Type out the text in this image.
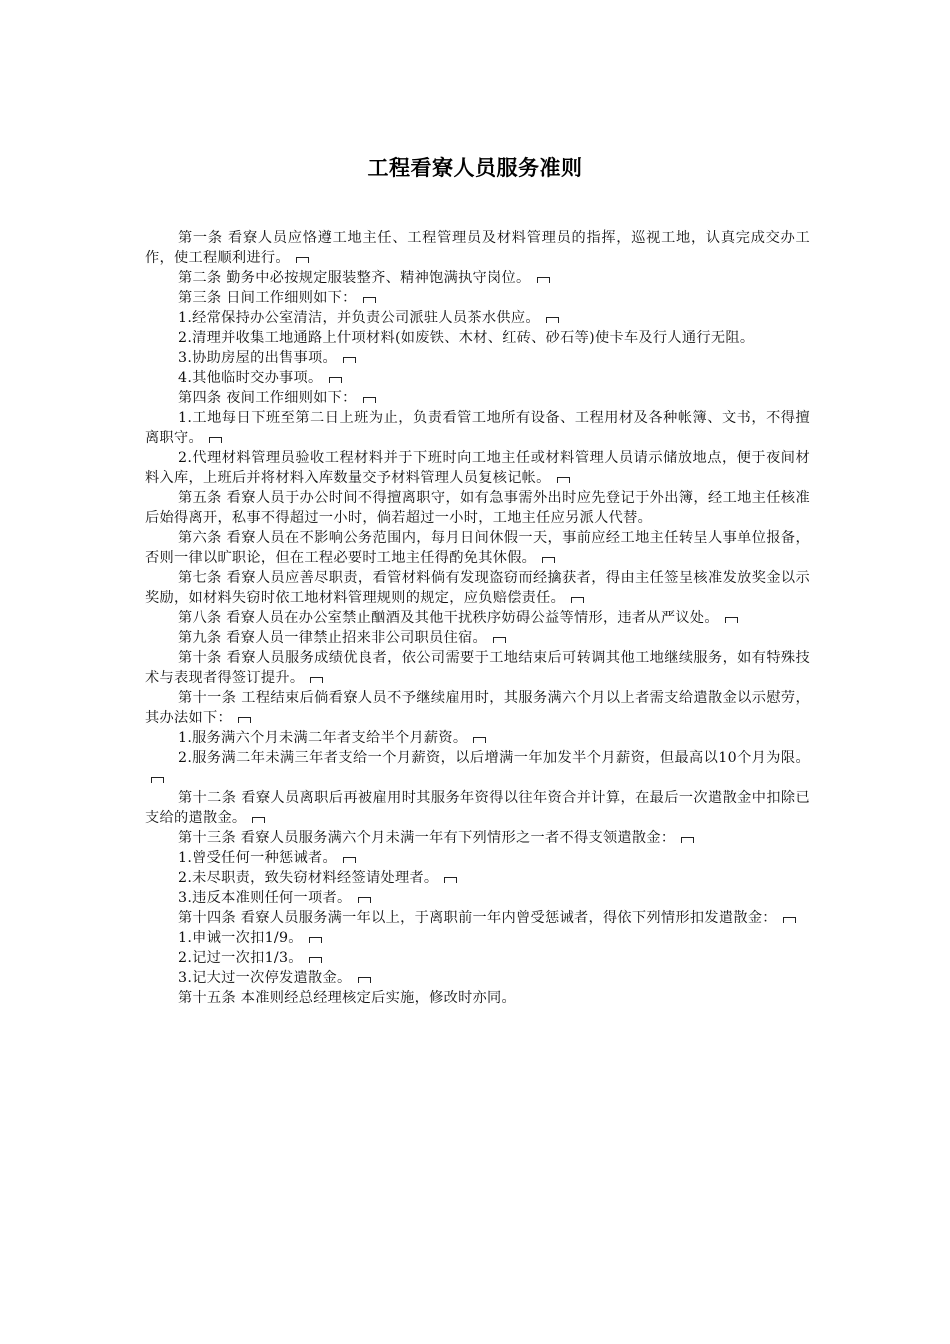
工程看寮人员服务准则

第一条 看寮人员应恪遵工地主任、工程管理员及材料管理员的指挥，巡视工地，认真完成交办工作，使工程顺利进行。

第二条 勤务中必按规定服装整齐、精神饱满执守岗位。

第三条 日间工作细则如下：

1.经常保持办公室清洁，并负责公司派驻人员茶水供应。

2.清理并收集工地通路上什项材料(如废铁、木材、红砖、砂石等)使卡车及行人通行无阻。

3.协助房屋的出售事项。

4.其他临时交办事项。

第四条 夜间工作细则如下：

1.工地每日下班至第二日上班为止，负责看管工地所有设备、工程用材及各种帐簿、文书，不得擅离职守。

2.代理材料管理员验收工程材料并于下班时向工地主任或材料管理人员请示储放地点，便于夜间材料入库，上班后并将材料入库数量交予材料管理人员复核记帐。

第五条 看寮人员于办公时间不得擅离职守，如有急事需外出时应先登记于外出簿，经工地主任核准后始得离开，私事不得超过一小时，倘若超过一小时，工地主任应另派人代替。

第六条 看寮人员在不影响公务范围内，每月日间休假一天，事前应经工地主任转呈人事单位报备，否则一律以旷职论，但在工程必要时工地主任得酌免其休假。

第七条 看寮人员应善尽职责，看管材料倘有发现盗窃而经擒获者，得由主任签呈核准发放奖金以示奖励，如材料失窃时依工地材料管理规则的规定，应负赔偿责任。

第八条 看寮人员在办公室禁止酗酒及其他干扰秩序妨碍公益等情形，违者从严议处。

第九条 看寮人员一律禁止招来非公司职员住宿。

第十条 看寮人员服务成绩优良者，依公司需要于工地结束后可转调其他工地继续服务，如有特殊技术与表现者得签订提升。

第十一条 工程结束后倘看寮人员不予继续雇用时，其服务满六个月以上者需支给遣散金以示慰劳，其办法如下：

1.服务满六个月未满二年者支给半个月薪资。

2.服务满二年未满三年者支给一个月薪资，以后增满一年加发半个月薪资，但最高以10个月为限。

第十二条 看寮人员离职后再被雇用时其服务年资得以往年资合并计算，在最后一次遣散金中扣除已支给的遣散金。

第十三条 看寮人员服务满六个月未满一年有下列情形之一者不得支领遣散金：

1.曾受任何一种惩诫者。

2.未尽职责，致失窃材料经签请处理者。

3.违反本准则任何一项者。

第十四条 看寮人员服务满一年以上，于离职前一年内曾受惩诫者，得依下列情形扣发遣散金：

1.申诫一次扣1/9。

2.记过一次扣1/3。

3.记大过一次停发遣散金。

第十五条 本准则经总经理核定后实施，修改时亦同。
